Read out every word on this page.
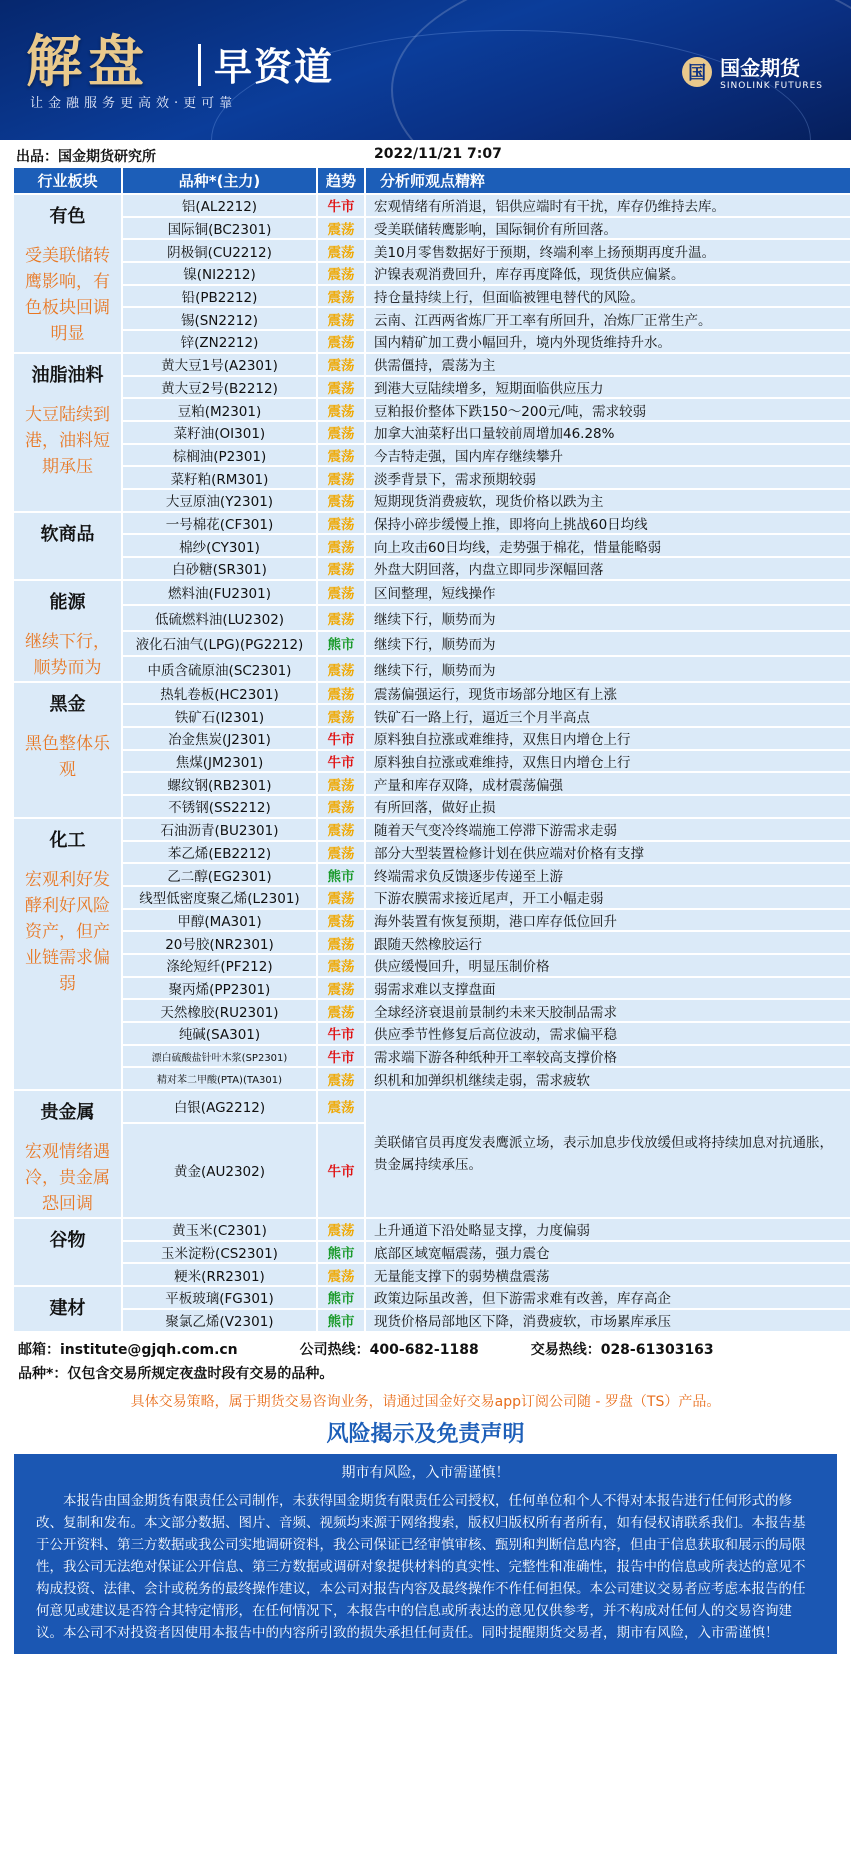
解盘 早资道
让金融服务更高效·更可靠
国 国金期货
SINOLINK FUTURES
出品：国金期货研究所	2022/11/21 7:07
行业板块	品种*(主力)	趋势	分析师观点精粹

有色
受美联储转鹰影响，有色板块回调明显	铝(AL2212)	牛市	宏观情绪有所消退，铝供应端时有干扰，库存仍维持去库。
	国际铜(BC2301)	震荡	受美联储转鹰影响，国际铜价有所回落。
	阴极铜(CU2212)	震荡	美10月零售数据好于预期，终端利率上扬预期再度升温。
	镍(NI2212)	震荡	沪镍表观消费回升，库存再度降低，现货供应偏紧。
	铅(PB2212)	震荡	持仓量持续上行，但面临被锂电替代的风险。
	锡(SN2212)	震荡	云南、江西两省炼厂开工率有所回升，冶炼厂正常生产。
	锌(ZN2212)	震荡	国内精矿加工费小幅回升，境内外现货维持升水。

油脂油料
大豆陆续到港，油料短期承压	黄大豆1号(A2301)	震荡	供需僵持，震荡为主
	黄大豆2号(B2212)	震荡	到港大豆陆续增多，短期面临供应压力
	豆粕(M2301)	震荡	豆粕报价整体下跌150～200元/吨，需求较弱
	菜籽油(OI301)	震荡	加拿大油菜籽出口量较前周增加46.28%
	棕榈油(P2301)	震荡	今吉特走强，国内库存继续攀升
	菜籽粕(RM301)	震荡	淡季背景下，需求预期较弱
	大豆原油(Y2301)	震荡	短期现货消费疲软，现货价格以跌为主

软商品	一号棉花(CF301)	震荡	保持小碎步缓慢上推，即将向上挑战60日均线
	棉纱(CY301)	震荡	向上攻击60日均线，走势强于棉花，惜量能略弱
	白砂糖(SR301)	震荡	外盘大阴回落，内盘立即同步深幅回落

能源
继续下行，顺势而为	燃料油(FU2301)	震荡	区间整理，短线操作
	低硫燃料油(LU2302)	震荡	继续下行，顺势而为
	液化石油气(LPG)(PG2212)	熊市	继续下行，顺势而为
	中质含硫原油(SC2301)	震荡	继续下行，顺势而为

黑金
黑色整体乐观	热轧卷板(HC2301)	震荡	震荡偏强运行，现货市场部分地区有上涨
	铁矿石(I2301)	震荡	铁矿石一路上行，逼近三个月半高点
	冶金焦炭(J2301)	牛市	原料独自拉涨或难维持，双焦日内增仓上行
	焦煤(JM2301)	牛市	原料独自拉涨或难维持，双焦日内增仓上行
	螺纹钢(RB2301)	震荡	产量和库存双降，成材震荡偏强
	不锈钢(SS2212)	震荡	有所回落，做好止损

化工
宏观利好发酵利好风险资产，但产业链需求偏弱	石油沥青(BU2301)	震荡	随着天气变冷终端施工停滞下游需求走弱
	苯乙烯(EB2212)	震荡	部分大型装置检修计划在供应端对价格有支撑
	乙二醇(EG2301)	熊市	终端需求负反馈逐步传递至上游
	线型低密度聚乙烯(L2301)	震荡	下游农膜需求接近尾声，开工小幅走弱
	甲醇(MA301)	震荡	海外装置有恢复预期，港口库存低位回升
	20号胶(NR2301)	震荡	跟随天然橡胶运行
	涤纶短纤(PF212)	震荡	供应缓慢回升，明显压制价格
	聚丙烯(PP2301)	震荡	弱需求难以支撑盘面
	天然橡胶(RU2301)	震荡	全球经济衰退前景制约未来天胶制品需求
	纯碱(SA301)	牛市	供应季节性修复后高位波动，需求偏平稳
	漂白硫酸盐针叶木浆(SP2301)	牛市	需求端下游各种纸种开工率较高支撑价格
	精对苯二甲酸(PTA)(TA301)	震荡	织机和加弹织机继续走弱，需求疲软

贵金属
宏观情绪遇冷，贵金属恐回调	白银(AG2212)	震荡	美联储官员再度发表鹰派立场，表示加息步伐放缓但或将持续加息对抗通胀，贵金属持续承压。
	黄金(AU2302)	牛市	

谷物	黄玉米(C2301)	震荡	上升通道下沿处略显支撑，力度偏弱
	玉米淀粉(CS2301)	熊市	底部区域宽幅震荡，强力震仓
	粳米(RR2301)	震荡	无量能支撑下的弱势横盘震荡

建材	平板玻璃(FG301)	熊市	政策边际虽改善，但下游需求难有改善，库存高企
	聚氯乙烯(V2301)	熊市	现货价格局部地区下降，消费疲软，市场累库承压
邮箱：institute@gjqh.com.cn	公司热线：400-682-1188	交易热线：028-61303163
品种*：仅包含交易所规定夜盘时段有交易的品种。
具体交易策略，属于期货交易咨询业务，请通过国金好交易app订阅公司随 - 罗盘（TS）产品。
风险揭示及免责声明
期市有风险，入市需谨慎！
本报告由国金期货有限责任公司制作，未获得国金期货有限责任公司授权，任何单位和个人不得对本报告进行任何形式的修改、复制和发布。本文部分数据、图片、音频、视频均来源于网络搜索，版权归版权所有者所有，如有侵权请联系我们。本报告基于公开资料、第三方数据或我公司实地调研资料，我公司保证已经审慎审核、甄别和判断信息内容，但由于信息获取和展示的局限性，我公司无法绝对保证公开信息、第三方数据或调研对象提供材料的真实性、完整性和准确性，报告中的信息或所表达的意见不构成投资、法律、会计或税务的最终操作建议，本公司对报告内容及最终操作不作任何担保。本公司建议交易者应考虑本报告的任何意见或建议是否符合其特定情形，在任何情况下，本报告中的信息或所表达的意见仅供参考，并不构成对任何人的交易咨询建议。本公司不对投资者因使用本报告中的内容所引致的损失承担任何责任。同时提醒期货交易者，期市有风险，入市需谨慎！
